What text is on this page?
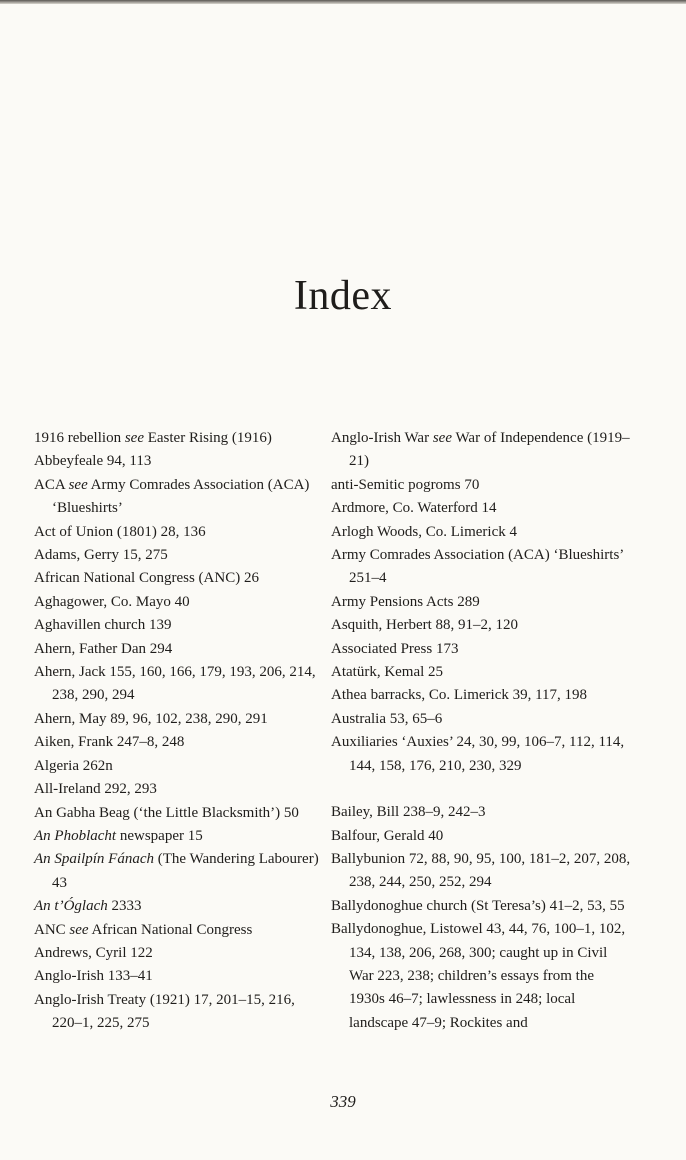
Index
1916 rebellion see Easter Rising (1916)
Abbeyfeale 94, 113
ACA see Army Comrades Association (ACA) ‘Blueshirts’
Act of Union (1801) 28, 136
Adams, Gerry 15, 275
African National Congress (ANC) 26
Aghagower, Co. Mayo 40
Aghavillen church 139
Ahern, Father Dan 294
Ahern, Jack 155, 160, 166, 179, 193, 206, 214, 238, 290, 294
Ahern, May 89, 96, 102, 238, 290, 291
Aiken, Frank 247–8, 248
Algeria 262n
All-Ireland 292, 293
An Gabha Beag (‘the Little Blacksmith’) 50
An Phoblacht newspaper 15
An Spailpín Fánach (The Wandering Labourer) 43
An t’Óglach 2333
ANC see African National Congress
Andrews, Cyril 122
Anglo-Irish 133–41
Anglo-Irish Treaty (1921) 17, 201–15, 216, 220–1, 225, 275
Anglo-Irish War see War of Independence (1919–21)
anti-Semitic pogroms 70
Ardmore, Co. Waterford 14
Arlogh Woods, Co. Limerick 4
Army Comrades Association (ACA) ‘Blueshirts’ 251–4
Army Pensions Acts 289
Asquith, Herbert 88, 91–2, 120
Associated Press 173
Atatürk, Kemal 25
Athea barracks, Co. Limerick 39, 117, 198
Australia 53, 65–6
Auxiliaries ‘Auxies’ 24, 30, 99, 106–7, 112, 114, 144, 158, 176, 210, 230, 329
Bailey, Bill 238–9, 242–3
Balfour, Gerald 40
Ballybunion 72, 88, 90, 95, 100, 181–2, 207, 208, 238, 244, 250, 252, 294
Ballydonoghue church (St Teresa’s) 41–2, 53, 55
Ballydonoghue, Listowel 43, 44, 76, 100–1, 102, 134, 138, 206, 268, 300; caught up in Civil War 223, 238; children’s essays from the 1930s 46–7; lawlessness in 248; local landscape 47–9; Rockites and
339
